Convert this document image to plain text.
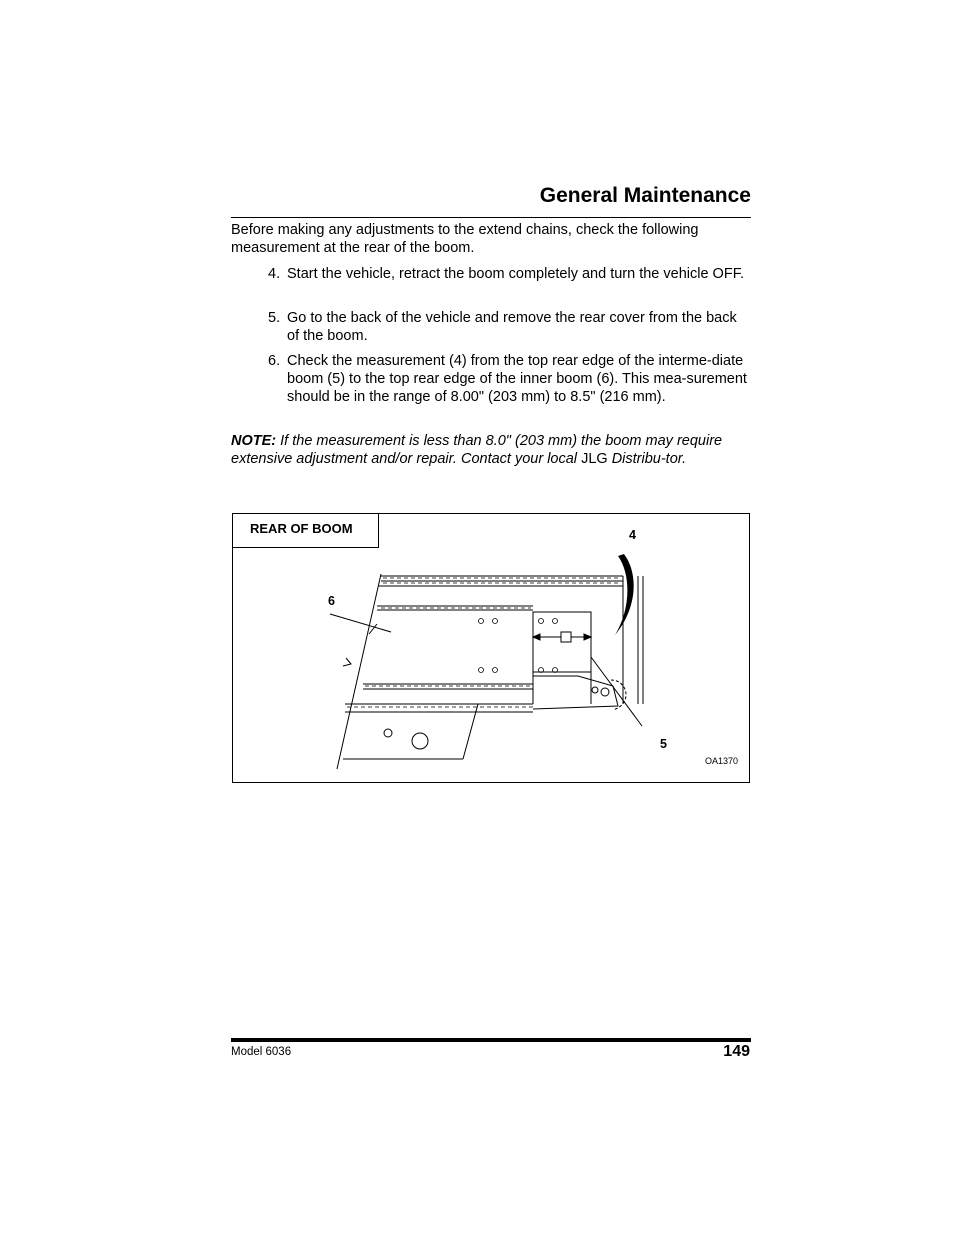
General Maintenance
Before making any adjustments to the extend chains, check the following measurement at the rear of the boom.
4. Start the vehicle, retract the boom completely and turn the vehicle OFF.
5. Go to the back of the vehicle and remove the rear cover from the back of the boom.
6. Check the measurement (4) from the top rear edge of the interme-diate boom (5) to the top rear edge of the inner boom (6). This mea-surement should be in the range of 8.00" (203 mm) to 8.5" (216 mm).
NOTE: If the measurement is less than 8.0" (203 mm) the boom may require extensive adjustment and/or repair. Contact your local JLG Distribu-tor.
REAR OF BOOM	4
5
6
OA1370
Model 6036	149
